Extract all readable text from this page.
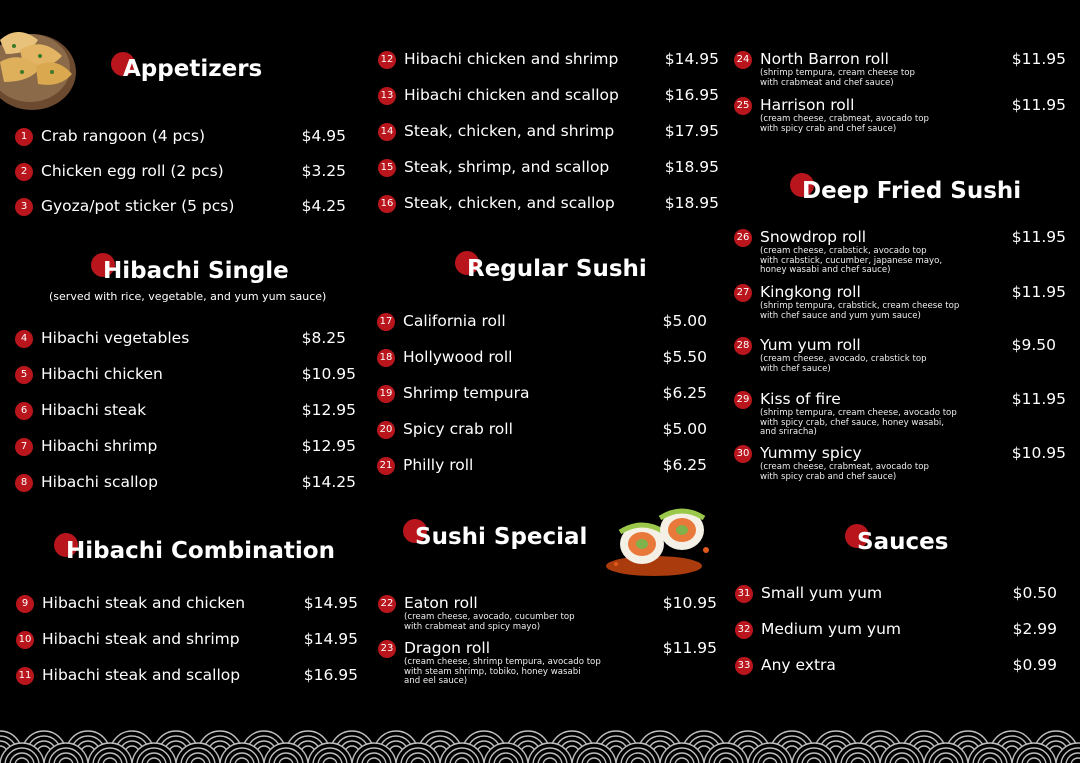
Appetizers
Hibachi Single
(served with rice, vegetable, and yum yum sauce)
Hibachi Combination
Regular Sushi
Sushi Special
Deep Fried Sushi
Sauces
1 Crab rangoon (4 pcs)	$4.95
2 Chicken egg roll (2 pcs)	$3.25
3 Gyoza/pot sticker (5 pcs)	$4.25
4 Hibachi vegetables	$8.25
5 Hibachi chicken	$10.95
6 Hibachi steak	$12.95
7 Hibachi shrimp	$12.95
8 Hibachi scallop	$14.25
9 Hibachi steak and chicken	$14.95
10 Hibachi steak and shrimp	$14.95
11 Hibachi steak and scallop	$16.95
12 Hibachi chicken and shrimp	$14.95
13 Hibachi chicken and scallop	$16.95
14 Steak, chicken, and shrimp	$17.95
15 Steak, shrimp, and scallop	$18.95
16 Steak, chicken, and scallop	$18.95
17 California roll	$5.00
18 Hollywood roll	$5.50
19 Shrimp tempura	$6.25
20 Spicy crab roll	$5.00
21 Philly roll	$6.25
22 Eaton roll	$10.95
(cream cheese, avocado, cucumber top
with crabmeat and spicy mayo)
23 Dragon roll	$11.95
(cream cheese, shrimp tempura, avocado top
with steam shrimp, tobiko, honey wasabi
and eel sauce)
24 North Barron roll	$11.95
(shrimp tempura, cream cheese top
with crabmeat and chef sauce)
25 Harrison roll	$11.95
(cream cheese, crabmeat, avocado top
with spicy crab and chef sauce)
26 Snowdrop roll	$11.95
(cream cheese, crabstick, avocado top
with crabstick, cucumber, japanese mayo,
honey wasabi and chef sauce)
27 Kingkong roll	$11.95
(shrimp tempura, crabstick, cream cheese top
with chef sauce and yum yum sauce)
28 Yum yum roll	$9.50
(cream cheese, avocado, crabstick top
with chef sauce)
29 Kiss of fire	$11.95
(shrimp tempura, cream cheese, avocado top
with spicy crab, chef sauce, honey wasabi,
and sriracha)
30 Yummy spicy	$10.95
(cream cheese, crabmeat, avocado top
with spicy crab and chef sauce)
31 Small yum yum	$0.50
32 Medium yum yum	$2.99
33 Any extra	$0.99
